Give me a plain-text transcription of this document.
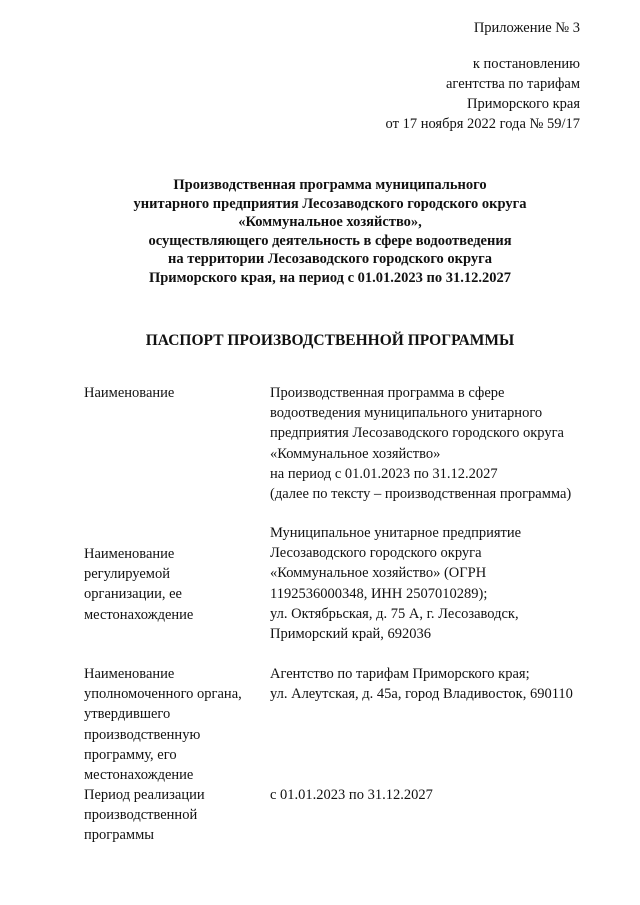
Приложение № 3
к постановлению
агентства по тарифам
Приморского края
от 17 ноября 2022 года № 59/17
Производственная программа муниципального
унитарного предприятия Лесозаводского городского округа
«Коммунальное хозяйство»,
осуществляющего деятельность в сфере водоотведения
на территории Лесозаводского городского округа
Приморского края, на период с 01.01.2023 по 31.12.2027
ПАСПОРТ ПРОИЗВОДСТВЕННОЙ ПРОГРАММЫ
Наименование	Производственная программа в сфере
водоотведения муниципального унитарного
предприятия Лесозаводского городского округа
«Коммунальное хозяйство»
на период с 01.01.2023 по 31.12.2027
(далее по тексту – производственная программа)
Наименование
регулируемой
организации, ее
местонахождение
Муниципальное унитарное предприятие
Лесозаводского городского округа
«Коммунальное хозяйство» (ОГРН
1192536000348, ИНН 2507010289);
ул. Октябрьская, д. 75 А, г. Лесозаводск,
Приморский край, 692036
Наименование
уполномоченного органа,
утвердившего
производственную
программу, его
местонахождение
Агентство по тарифам Приморского края;
ул. Алеутская, д. 45а, город Владивосток, 690110
Период реализации
производственной
программы
с 01.01.2023 по 31.12.2027
